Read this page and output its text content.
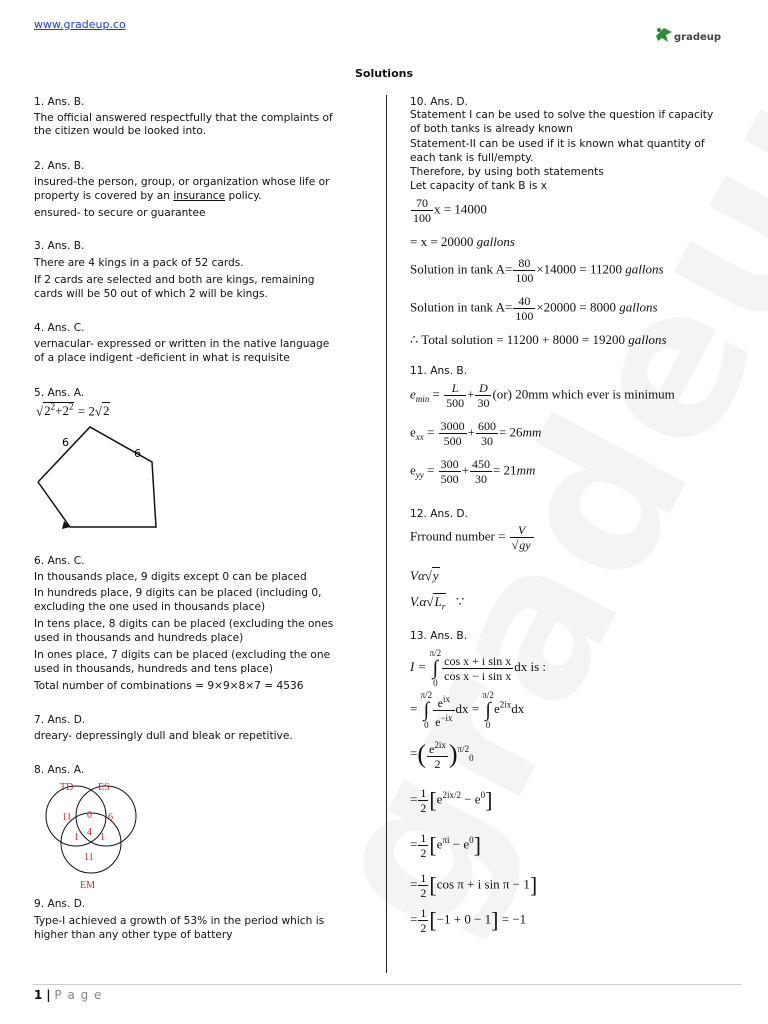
www.gradeup.co
gradeup
Solutions
1. Ans. B.
The official answered respectfully that the complaints of
the citizen would be looked into.
2. Ans. B.
insured-the person, group, or organization whose life or
property is covered by an insurance policy.
ensured- to secure or guarantee
3. Ans. B.
There are 4 kings in a pack of 52 cards.
If 2 cards are selected and both are kings, remaining
cards will be 50 out of which 2 will be kings.
4. Ans. C.
vernacular- expressed or written in the native language
of a place indigent -deficient in what is requisite
5. Ans. A.
$√2^2+2^2 = 2√2$
6
6
6. Ans. C.
In thousands place, 9 digits except 0 can be placed
In hundreds place, 9 digits can be placed (including 0,
excluding the one used in thousands place)
In tens place, 8 digits can be placed (excluding the ones
used in thousands and hundreds place)
In ones place, 7 digits can be placed (excluding the one
used in thousands, hundreds and tens place)
Total number of combinations = 9×9×8×7 = 4536
7. Ans. D.
dreary- depressingly dull and bleak or repetitive.
8. Ans. A.
TD ES
EM
11 0 6
4
1 1
11
9. Ans. D.
Type-I achieved a growth of 53% in the period which is
higher than any other type of battery
10. Ans. D.
Statement I can be used to solve the question if capacity
of both tanks is already known
Statement-II can be used if it is known what quantity of
each tank is full/empty.
Therefore, by using both statements
Let capacity of tank B is x
$\frac{70}{100}$ x = 14000
= x = 20000 gallons
Solution in tank $A= \frac{80}{100} \times 14000 = 11200$ gallons
Solution in tank $A= \frac{40}{100} \times 20000 = 8000$ gallons
∴ Total solution = 11200 + 8000 = 19200 gallons
11. Ans. B.
$e_{min} = \frac{L}{500} + \frac{D}{30} (or)$ 20mm which ever is minimum
$e_{xx} = \frac{3000}{500} + \frac{600}{30} = 26mm$
$e_{yy} = \frac{300}{500} + \frac{450}{30} = 21mm$
12. Ans. D.
Frround number = $\frac{V}{√gy}$
Vα√y
$V.\alpha√L_r$ ∵
13. Ans. B.
I =
π/2
∫
0
$\frac{\text{cos x + i sin x}}{\text{cos x − i sin x}}$ dx is :
=
π/2
∫
$0 \frac{e^{ix}}{e^{-ix}}$ dx =
π/2
∫
0
$e^{2ix}dx$
=( $\frac{e^{2ix}}{2} )^{\pi/2}_0$
= $\frac{1}{2} [e^{2ix/2} - e^0]$
= $\frac{1}{2} [e^{\pi i} - e^0]$
= $\frac{1}{2} [\cos$ π + i sin π − 1]
= $\frac{1}{2} [-1 + 0 - 1] = -1$
1 | P a g e
